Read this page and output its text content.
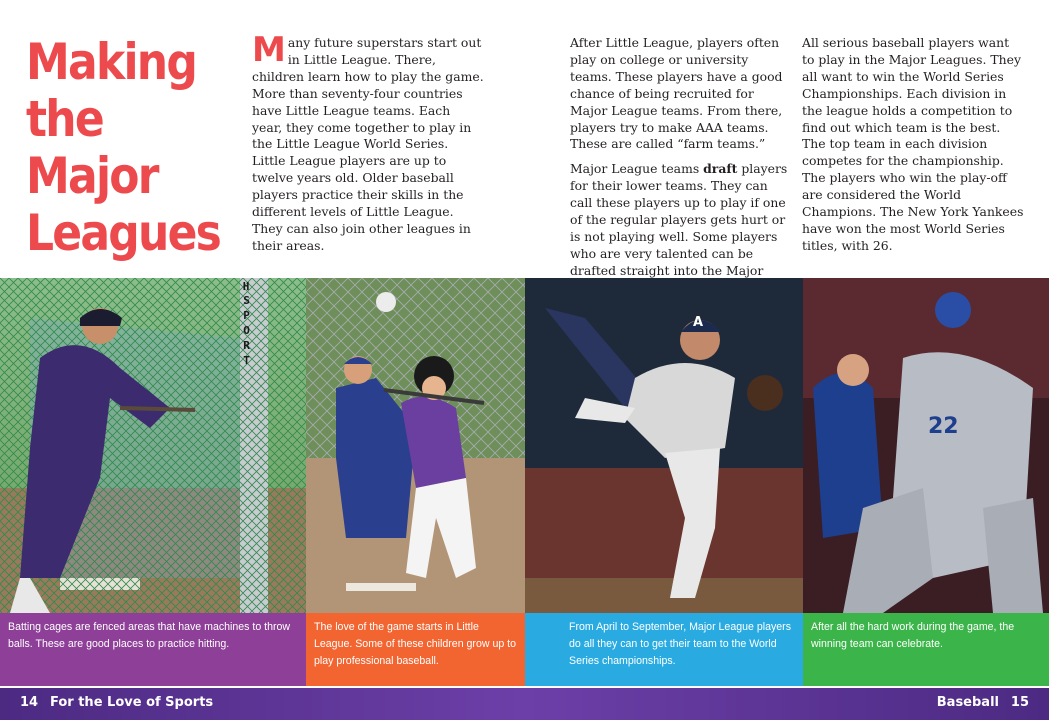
Making the Major Leagues

Many future superstars start out in Little League. There, children learn how to play the game. More than seventy-four countries have Little League teams. Each year, they come together to play in the Little League World Series. Little League players are up to twelve years old. Older baseball players practice their skills in the different levels of Little League. They can also join other leagues in their areas.

After Little League, players often play on college or university teams. These players have a good chance of being recruited for Major League teams. From there, players try to make AAA teams. These are called “farm teams.”

Major League teams draft players for their lower teams. They can call these players up to play if one of the regular players gets hurt or is not playing well. Some players who are very talented can be drafted straight into the Major

All serious baseball players want to play in the Major Leagues. They all want to win the World Series Championships. Each division in the league holds a competition to find out which team is the best. The top team in each division competes for the championship. The players who win the play-off are considered the World Champions. The New York Yankees have won the most World Series titles, with 26.

H
SPORT	A
22
Batting cages are fenced areas that have machines to throw balls. These are good places to practice hitting.
The love of the game starts in Little League. Some of these children grow up to play professional baseball.
From April to September, Major League players do all they can to get their team to the World Series championships.
After all the hard work during the game, the winning team can celebrate.
14 For the Love of Sports	Baseball 15
